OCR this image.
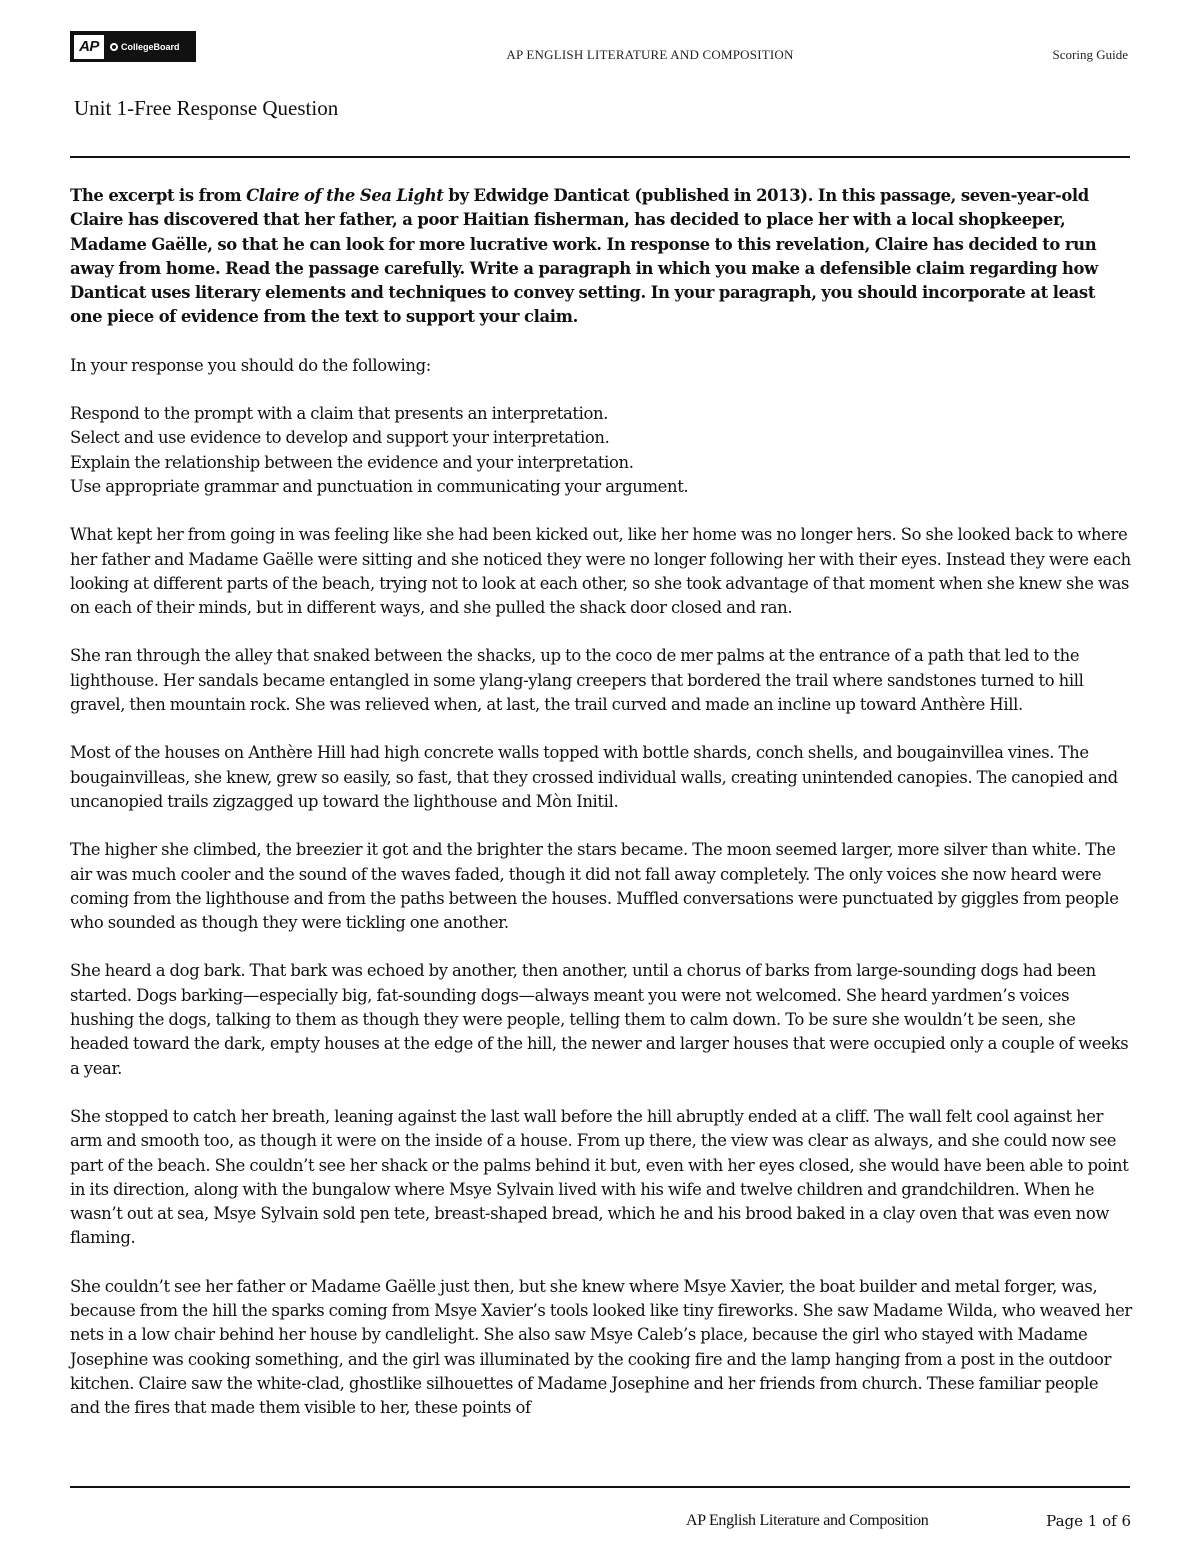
AP	CollegeBoard
AP ENGLISH LITERATURE AND COMPOSITION	Scoring Guide
Unit 1-Free Response Question

The excerpt is from Claire of the Sea Light by Edwidge Danticat (published in 2013). In this passage, seven-year-old Claire has discovered that her father, a poor Haitian fisherman, has decided to place her with a local shopkeeper, Madame Gaëlle, so that he can look for more lucrative work. In response to this revelation, Claire has decided to run away from home. Read the passage carefully. Write a paragraph in which you make a defensible claim regarding how Danticat uses literary elements and techniques to convey setting. In your paragraph, you should incorporate at least one piece of evidence from the text to support your claim.

In your response you should do the following:

Respond to the prompt with a claim that presents an interpretation.
Select and use evidence to develop and support your interpretation.
Explain the relationship between the evidence and your interpretation.
Use appropriate grammar and punctuation in communicating your argument.

What kept her from going in was feeling like she had been kicked out, like her home was no longer hers. So she looked back to where her father and Madame Gaëlle were sitting and she noticed they were no longer following her with their eyes. Instead they were each looking at different parts of the beach, trying not to look at each other, so she took advantage of that moment when she knew she was on each of their minds, but in different ways, and she pulled the shack door closed and ran.

She ran through the alley that snaked between the shacks, up to the coco de mer palms at the entrance of a path that led to the lighthouse. Her sandals became entangled in some ylang-ylang creepers that bordered the trail where sandstones turned to hill gravel, then mountain rock. She was relieved when, at last, the trail curved and made an incline up toward Anthère Hill.

Most of the houses on Anthère Hill had high concrete walls topped with bottle shards, conch shells, and bougainvillea vines. The bougainvilleas, she knew, grew so easily, so fast, that they crossed individual walls, creating unintended canopies. The canopied and uncanopied trails zigzagged up toward the lighthouse and Mòn Initil.

The higher she climbed, the breezier it got and the brighter the stars became. The moon seemed larger, more silver than white. The air was much cooler and the sound of the waves faded, though it did not fall away completely. The only voices she now heard were coming from the lighthouse and from the paths between the houses. Muffled conversations were punctuated by giggles from people who sounded as though they were tickling one another.

She heard a dog bark. That bark was echoed by another, then another, until a chorus of barks from large-sounding dogs had been started. Dogs barking—especially big, fat-sounding dogs—always meant you were not welcomed. She heard yardmen’s voices hushing the dogs, talking to them as though they were people, telling them to calm down. To be sure she wouldn’t be seen, she headed toward the dark, empty houses at the edge of the hill, the newer and larger houses that were occupied only a couple of weeks a year.

She stopped to catch her breath, leaning against the last wall before the hill abruptly ended at a cliff. The wall felt cool against her arm and smooth too, as though it were on the inside of a house. From up there, the view was clear as always, and she could now see part of the beach. She couldn’t see her shack or the palms behind it but, even with her eyes closed, she would have been able to point in its direction, along with the bungalow where Msye Sylvain lived with his wife and twelve children and grandchildren. When he wasn’t out at sea, Msye Sylvain sold pen tete, breast-shaped bread, which he and his brood baked in a clay oven that was even now flaming.

She couldn’t see her father or Madame Gaëlle just then, but she knew where Msye Xavier, the boat builder and metal forger, was, because from the hill the sparks coming from Msye Xavier’s tools looked like tiny fireworks. She saw Madame Wilda, who weaved her nets in a low chair behind her house by candlelight. She also saw Msye Caleb’s place, because the girl who stayed with Madame Josephine was cooking something, and the girl was illuminated by the cooking fire and the lamp hanging from a post in the outdoor kitchen. Claire saw the white-clad, ghostlike silhouettes of Madame Josephine and her friends from church. These familiar people and the fires that made them visible to her, these points of

AP English Literature and Composition	Page 1 of 6
